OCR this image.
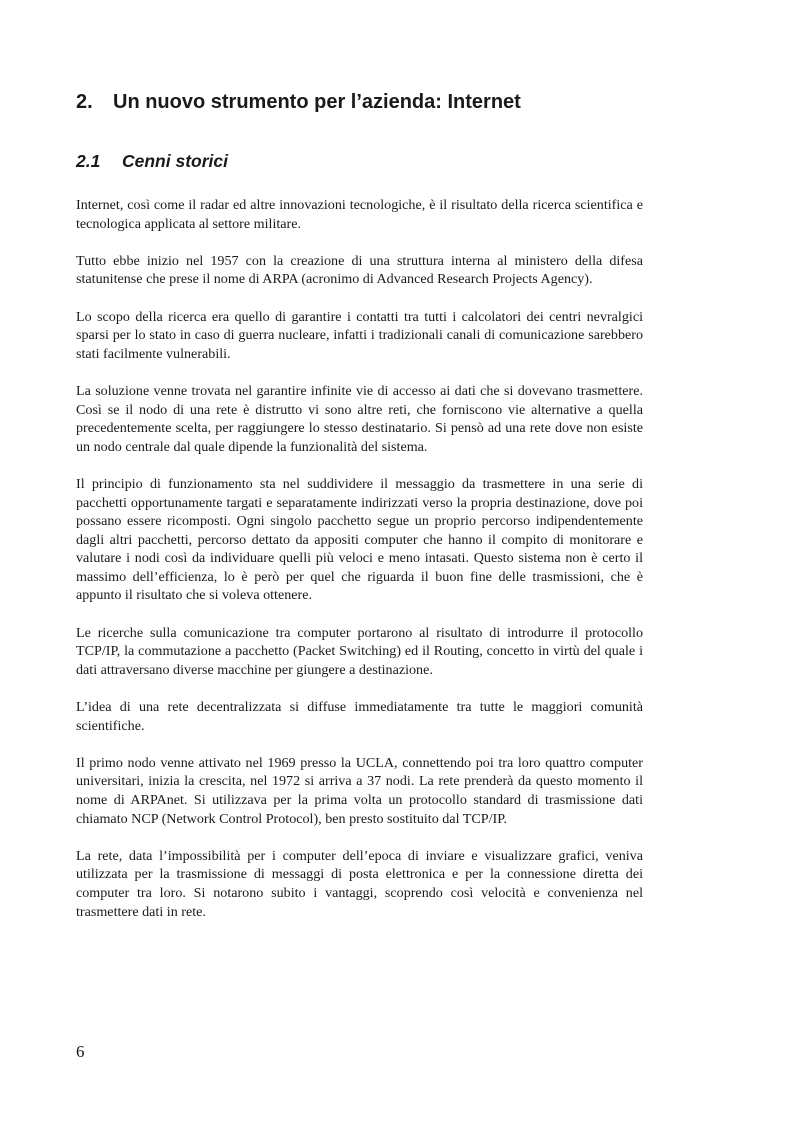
2. Un nuovo strumento per l’azienda: Internet
2.1 Cenni storici

Internet, così come il radar ed altre innovazioni tecnologiche, è il risultato della ricerca scientifica e tecnologica applicata al settore militare.

Tutto ebbe inizio nel 1957 con la creazione di una struttura interna al ministero della difesa statunitense che prese il nome di ARPA (acronimo di Advanced Research Projects Agency).

Lo scopo della ricerca era quello di garantire i contatti tra tutti i calcolatori dei centri nevralgici sparsi per lo stato in caso di guerra nucleare, infatti i tradizionali canali di comunicazione sarebbero stati facilmente vulnerabili.

La soluzione venne trovata nel garantire infinite vie di accesso ai dati che si dovevano trasmettere. Così se il nodo di una rete è distrutto vi sono altre reti, che forniscono vie alternative a quella precedentemente scelta, per raggiungere lo stesso destinatario. Si pensò ad una rete dove non esiste un nodo centrale dal quale dipende la funzionalità del sistema.

Il principio di funzionamento sta nel suddividere il messaggio da trasmettere in una serie di pacchetti opportunamente targati e separatamente indirizzati verso la propria destinazione, dove poi possano essere ricomposti. Ogni singolo pacchetto segue un proprio percorso indipendentemente dagli altri pacchetti, percorso dettato da appositi computer che hanno il compito di monitorare e valutare i nodi così da individuare quelli più veloci e meno intasati. Questo sistema non è certo il massimo dell’efficienza, lo è però per quel che riguarda il buon fine delle trasmissioni, che è appunto il risultato che si voleva ottenere.

Le ricerche sulla comunicazione tra computer portarono al risultato di introdurre il protocollo TCP/IP, la commutazione a pacchetto (Packet Switching) ed il Routing, concetto in virtù del quale i dati attraversano diverse macchine per giungere a destinazione.

L’idea di una rete decentralizzata si diffuse immediatamente tra tutte le maggiori comunità scientifiche.

Il primo nodo venne attivato nel 1969 presso la UCLA, connettendo poi tra loro quattro computer universitari, inizia la crescita, nel 1972 si arriva a 37 nodi. La rete prenderà da questo momento il nome di ARPAnet. Si utilizzava per la prima volta un protocollo standard di trasmissione dati chiamato NCP (Network Control Protocol), ben presto sostituito dal TCP/IP.

La rete, data l’impossibilità per i computer dell’epoca di inviare e visualizzare grafici, veniva utilizzata per la trasmissione di messaggi di posta elettronica e per la connessione diretta dei computer tra loro. Si notarono subito i vantaggi, scoprendo così velocità e convenienza nel trasmettere dati in rete.

6
